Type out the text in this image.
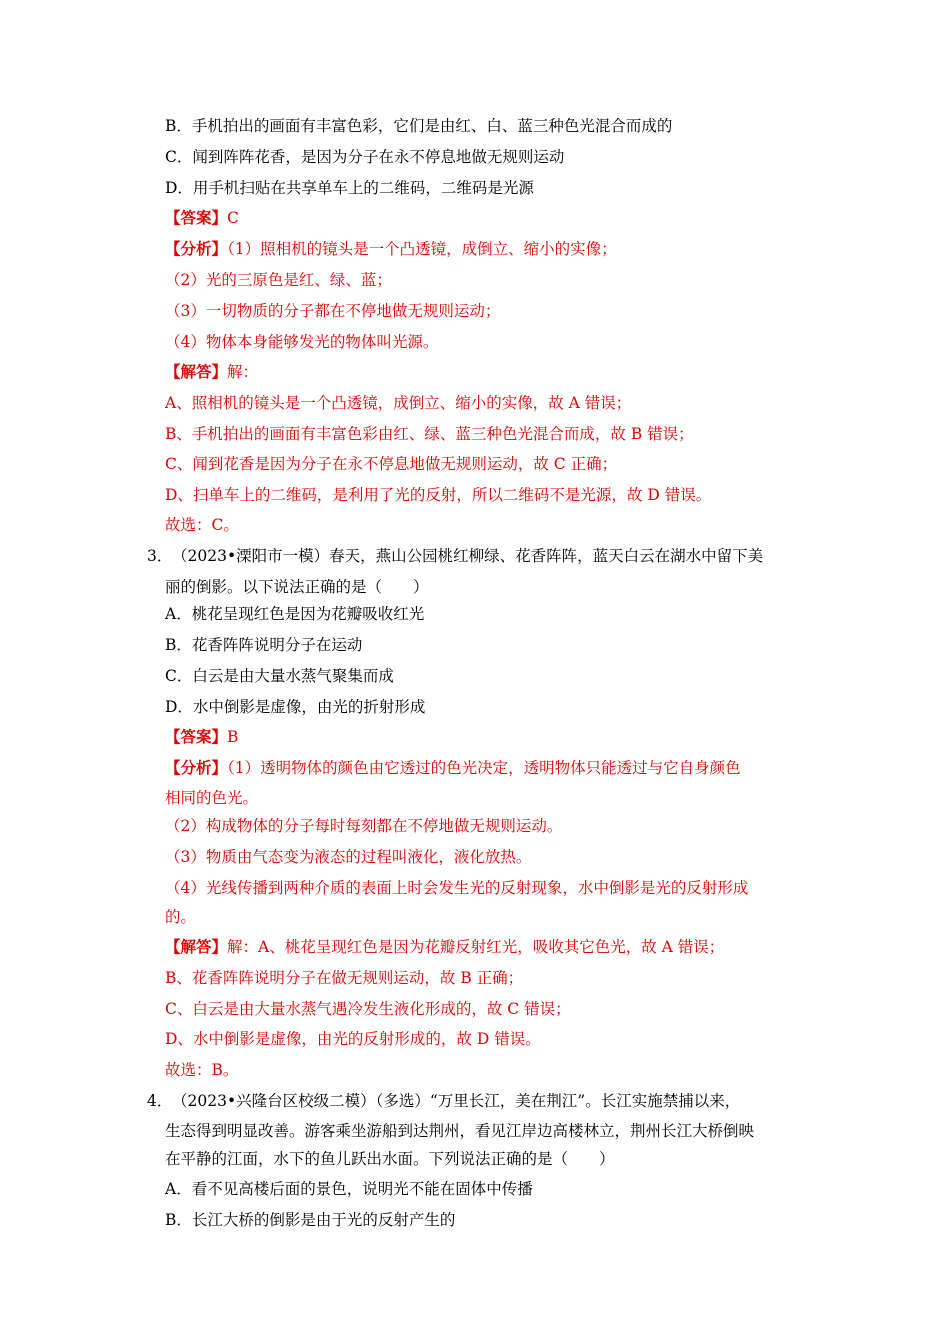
B．手机拍出的画面有丰富色彩，它们是由红、白、蓝三种色光混合而成的
C．闻到阵阵花香，是因为分子在永不停息地做无规则运动
D．用手机扫贴在共享单车上的二维码，二维码是光源
【答案】C
【分析】（1）照相机的镜头是一个凸透镜，成倒立、缩小的实像；
（2）光的三原色是红、绿、蓝；
（3）一切物质的分子都在不停地做无规则运动；
（4）物体本身能够发光的物体叫光源。
【解答】解：
A、照相机的镜头是一个凸透镜，成倒立、缩小的实像，故 A 错误；
B、手机拍出的画面有丰富色彩由红、绿、蓝三种色光混合而成，故 B 错误；
C、闻到花香是因为分子在永不停息地做无规则运动，故 C 正确；
D、扫单车上的二维码，是利用了光的反射，所以二维码不是光源，故 D 错误。
故选：C。
3． （2023•溧阳市一模）春天，燕山公园桃红柳绿、花香阵阵，蓝天白云在湖水中留下美
丽的倒影。以下说法正确的是（　　）
A．桃花呈现红色是因为花瓣吸收红光
B．花香阵阵说明分子在运动
C．白云是由大量水蒸气聚集而成
D．水中倒影是虚像，由光的折射形成
【答案】B
【分析】（1）透明物体的颜色由它透过的色光决定，透明物体只能透过与它自身颜色
相同的色光。
（2）构成物体的分子每时每刻都在不停地做无规则运动。
（3）物质由气态变为液态的过程叫液化，液化放热。
（4）光线传播到两种介质的表面上时会发生光的反射现象，水中倒影是光的反射形成
的。
【解答】解：A、桃花呈现红色是因为花瓣反射红光，吸收其它色光，故 A 错误；
B、花香阵阵说明分子在做无规则运动，故 B 正确；
C、白云是由大量水蒸气遇冷发生液化形成的，故 C 错误；
D、水中倒影是虚像，由光的反射形成的，故 D 错误。
故选：B。
4． （2023•兴隆台区校级二模）（多选）“万里长江，美在荆江”。长江实施禁捕以来，
生态得到明显改善。游客乘坐游船到达荆州，看见江岸边高楼林立，荆州长江大桥倒映
在平静的江面，水下的鱼儿跃出水面。下列说法正确的是（　　）
A．看不见高楼后面的景色，说明光不能在固体中传播
B．长江大桥的倒影是由于光的反射产生的
